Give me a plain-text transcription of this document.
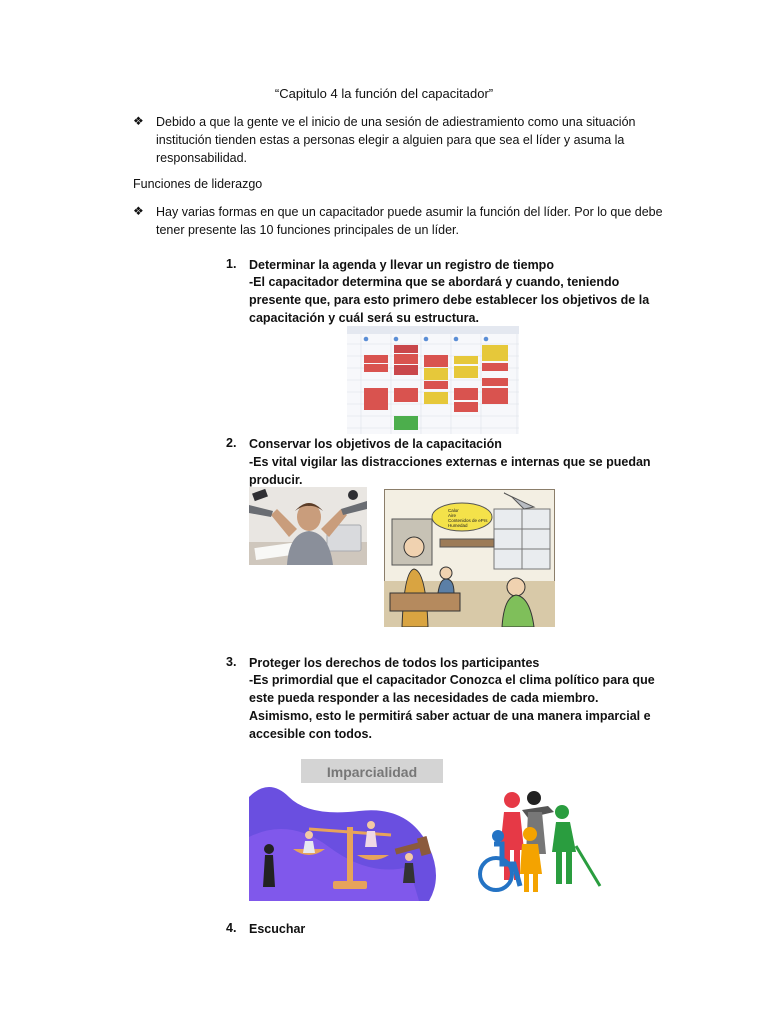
“Capitulo 4 la función del capacitador”
❖ Debido a que la gente ve el inicio de una sesión de adiestramiento como una situación institución tienden estas a personas elegir a alguien para que sea el líder y asuma la responsabilidad.
Funciones de liderazgo
❖ Hay varias formas en que un capacitador puede asumir la función del líder. Por lo que debe tener presente las 10 funciones principales de un líder.
1. Determinar la agenda y llevar un registro de tiempo
-El capacitador determina que se abordará y cuando, teniendo presente que, para esto primero debe establecer los objetivos de la capacitación y cuál será su estructura.
2. Conservar los objetivos de la capacitación
-Es vital vigilar las distracciones externas e internas que se puedan producir.
Calor
Aire
Contenidos de ePrs
Humedad
3. Proteger los derechos de todos los participantes
-Es primordial que el capacitador Conozca el clima político para que este pueda responder a las necesidades de cada miembro. Asimismo, esto le permitirá saber actuar de una manera imparcial e accesible con todos.
Imparcialidad
4. Escuchar
